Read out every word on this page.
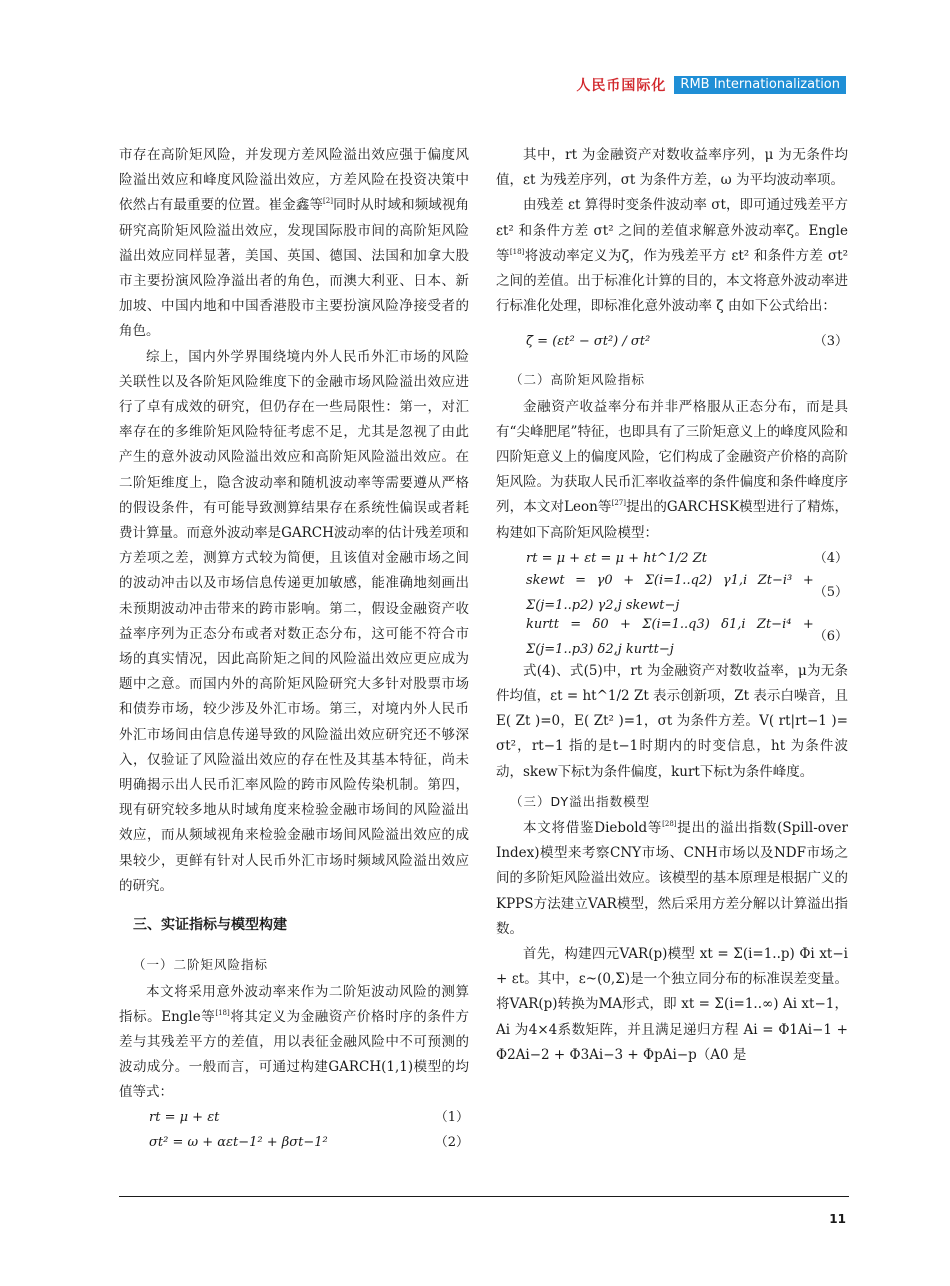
人民币国际化	RMB Internationalization

市存在高阶矩风险，并发现方差风险溢出效应强于偏度风险溢出效应和峰度风险溢出效应，方差风险在投资决策中依然占有最重要的位置。崔金鑫等[2]同时从时域和频域视角研究高阶矩风险溢出效应，发现国际股市间的高阶矩风险溢出效应同样显著，美国、英国、德国、法国和加拿大股市主要扮演风险净溢出者的角色，而澳大利亚、日本、新加坡、中国内地和中国香港股市主要扮演风险净接受者的角色。

综上，国内外学界围绕境内外人民币外汇市场的风险关联性以及各阶矩风险维度下的金融市场风险溢出效应进行了卓有成效的研究，但仍存在一些局限性：第一，对汇率存在的多维阶矩风险特征考虑不足，尤其是忽视了由此产生的意外波动风险溢出效应和高阶矩风险溢出效应。在二阶矩维度上，隐含波动率和随机波动率等需要遵从严格的假设条件，有可能导致测算结果存在系统性偏误或者耗费计算量。而意外波动率是GARCH波动率的估计残差项和方差项之差，测算方式较为简便，且该值对金融市场之间的波动冲击以及市场信息传递更加敏感，能准确地刻画出未预期波动冲击带来的跨市影响。第二，假设金融资产收益率序列为正态分布或者对数正态分布，这可能不符合市场的真实情况，因此高阶矩之间的风险溢出效应更应成为题中之意。而国内外的高阶矩风险研究大多针对股票市场和债券市场，较少涉及外汇市场。第三，对境内外人民币外汇市场间由信息传递导致的风险溢出效应研究还不够深入，仅验证了风险溢出效应的存在性及其基本特征，尚未明确揭示出人民币汇率风险的跨市风险传染机制。第四，现有研究较多地从时域角度来检验金融市场间的风险溢出效应，而从频域视角来检验金融市场间风险溢出效应的成果较少，更鲜有针对人民币外汇市场时频域风险溢出效应的研究。

三、实证指标与模型构建
（一）二阶矩风险指标

本文将采用意外波动率来作为二阶矩波动风险的测算指标。Engle等[18]将其定义为金融资产价格时序的条件方差与其残差平方的差值，用以表征金融风险中不可预测的波动成分。一般而言，可通过构建GARCH(1,1)模型的均值等式：

rt = μ + εt	（1）
σt² = ω + αεt−1² + βσt−1²	（2）

其中，rt 为金融资产对数收益率序列，μ 为无条件均值，εt 为残差序列，σt 为条件方差，ω 为平均波动率项。

由残差 εt 算得时变条件波动率 σt，即可通过残差平方 εt² 和条件方差 σt² 之间的差值求解意外波动率ζ。Engle等[18]将波动率定义为ζ，作为残差平方 εt² 和条件方差 σt² 之间的差值。出于标准化计算的目的，本文将意外波动率进行标准化处理，即标准化意外波动率 ζ̄ 由如下公式给出：

ζ̄ = (εt² − σt²) / σt²	（3）
（二）高阶矩风险指标

金融资产收益率分布并非严格服从正态分布，而是具有“尖峰肥尾”特征，也即具有了三阶矩意义上的峰度风险和四阶矩意义上的偏度风险，它们构成了金融资产价格的高阶矩风险。为获取人民币汇率收益率的条件偏度和条件峰度序列，本文对Leon等[27]提出的GARCHSK模型进行了精炼，构建如下高阶矩风险模型：

rt = μ + εt = μ + ht^1/2 Zt	（4）
skewt = γ0 + Σ(i=1..q2) γ1,i Zt−i³ + Σ(j=1..p2) γ2,j skewt−j
（5）
kurtt = δ0 + Σ(i=1..q3) δ1,i Zt−i⁴ + Σ(j=1..p3) δ2,j kurtt−j
（6）

式(4)、式(5)中，rt 为金融资产对数收益率，μ为无条件均值，εt = ht^1/2 Zt 表示创新项，Zt 表示白噪音，且E( Zt )=0，E( Zt² )=1，σt 为条件方差。V( rt|rt−1 )= σt²，rt−1 指的是t−1时期内的时变信息，ht 为条件波动，skew下标t为条件偏度，kurt下标t为条件峰度。

（三）DY溢出指数模型

本文将借鉴Diebold等[28]提出的溢出指数(Spill-over Index)模型来考察CNY市场、CNH市场以及NDF市场之间的多阶矩风险溢出效应。该模型的基本原理是根据广义的KPPS方法建立VAR模型，然后采用方差分解以计算溢出指数。

首先，构建四元VAR(p)模型 xt = Σ(i=1..p) Φi xt−i + εt。其中，ε~(0,Σ)是一个独立同分布的标准误差变量。将VAR(p)转换为MA形式，即 xt = Σ(i=1..∞) Ai xt−1，Ai 为4×4系数矩阵，并且满足递归方程 Ai = Φ1Ai−1 + Φ2Ai−2 + Φ3Ai−3 + ΦpAi−p（A0 是

11
